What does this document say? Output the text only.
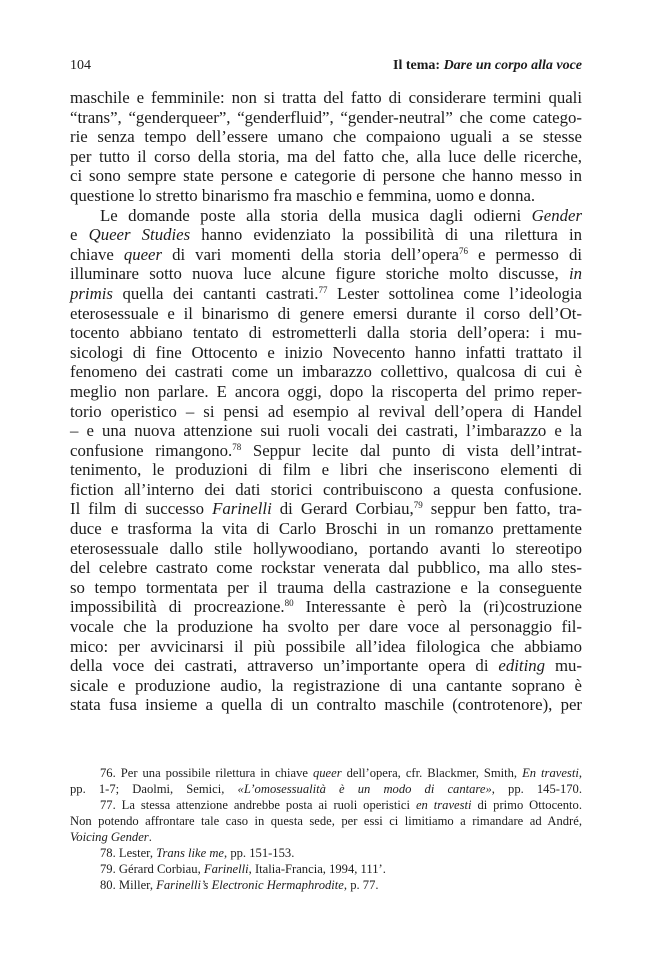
104	Il tema: Dare un corpo alla voce
maschile e femminile: non si tratta del fatto di considerare termini quali
“trans”, “genderqueer”, “genderfluid”, “gender-neutral” che come catego-
rie senza tempo dell’essere umano che compaiono uguali a se stesse
per tutto il corso della storia, ma del fatto che, alla luce delle ricerche,
ci sono sempre state persone e categorie di persone che hanno messo in
questione lo stretto binarismo fra maschio e femmina, uomo e donna.
Le domande poste alla storia della musica dagli odierni Gender
e Queer Studies hanno evidenziato la possibilità di una rilettura in
chiave queer di vari momenti della storia dell’opera$^{76}$ e permesso di
illuminare sotto nuova luce alcune figure storiche molto discusse, in
primis quella dei cantanti castrati.$^{77}$ Lester sottolinea come l’ideologia
eterosessuale e il binarismo di genere emersi durante il corso dell’Ot-
tocento abbiano tentato di estrometterli dalla storia dell’opera: i mu-
sicologi di fine Ottocento e inizio Novecento hanno infatti trattato il
fenomeno dei castrati come un imbarazzo collettivo, qualcosa di cui è
meglio non parlare. E ancora oggi, dopo la riscoperta del primo reper-
torio operistico – si pensi ad esempio al revival dell’opera di Handel
– e una nuova attenzione sui ruoli vocali dei castrati, l’imbarazzo e la
confusione rimangono.$^{78}$ Seppur lecite dal punto di vista dell’intrat-
tenimento, le produzioni di film e libri che inseriscono elementi di
fiction all’interno dei dati storici contribuiscono a questa confusione.
Il film di successo Farinelli di Gerard Corbiau,$^{79}$ seppur ben fatto, tra-
duce e trasforma la vita di Carlo Broschi in un romanzo prettamente
eterosessuale dallo stile hollywoodiano, portando avanti lo stereotipo
del celebre castrato come rockstar venerata dal pubblico, ma allo stes-
so tempo tormentata per il trauma della castrazione e la conseguente
impossibilità di procreazione.$^{80}$ Interessante è però la (ri)costruzione
vocale che la produzione ha svolto per dare voce al personaggio fil-
mico: per avvicinarsi il più possibile all’idea filologica che abbiamo
della voce dei castrati, attraverso un’importante opera di editing mu-
sicale e produzione audio, la registrazione di una cantante soprano è
stata fusa insieme a quella di un contralto maschile (controtenore), per
76. Per una possibile rilettura in chiave queer dell’opera, cfr. Blackmer, Smith, En travesti,
pp. 1-7; Daolmi, Semici, «L’omosessualità è un modo di cantare», pp. 145-170.
77. La stessa attenzione andrebbe posta ai ruoli operistici en travesti di primo Ottocento.
Non potendo affrontare tale caso in questa sede, per essi ci limitiamo a rimandare ad André,
Voicing Gender.
78. Lester, Trans like me, pp. 151-153.
79. Gérard Corbiau, Farinelli, Italia-Francia, 1994, 111’.
80. Miller, Farinelli’s Electronic Hermaphrodite, p. 77.
